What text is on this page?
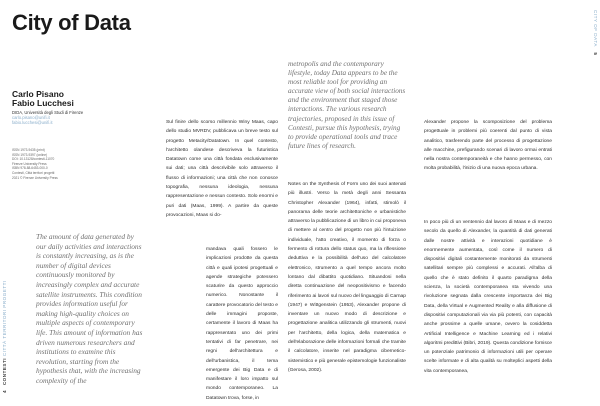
City of Data
Carlo Pisano
Fabio Lucchesi
DIDA, Università degli Studi di Firenze
carlo.pisano@unifi.it
fabio.lucchesi@unifi.it
ISSN 1973-9435 (print)
ISSN 1973-9397 (online)
DOI: 10.13128/contesti-11070
Firenze University Press
ISBN 978-88-6453-000-0
Contesti, Città territori progetti
2021 © Firenze University Press
The amount of data generated by our daily activities and interactions is constantly increasing, as is the number of digital devices continuously monitored by increasingly complex and accurate satellite instruments. This condition provides information useful for making high-quality choices on multiple aspects of contemporary life. This amount of information has driven numerous researchers and institutions to examine this revolution, starting from the hypothesis that, with the increasing complexity of the
metropolis and the contemporary lifestyle, today Data appears to be the most reliable tool for providing an accurate view of both social interactions and the environment that staged those interactions. The various research trajectories, proposed in this issue of Contesti, pursue this hypothesis, trying to provide operational tools and trace future lines of research.

Sul finire dello scorso millennio Winy Maas, capo dello studio MVRDV, pubblicava un breve testo sul progetto Metacity/Datatown. In quel contesto, l'architetto olandese descriveva la futuristica Datatown come una città fondata esclusivamente sui dati; una città descrivibile solo attraverso il flusso di informazioni; una città che non conosce topografia, nessuna ideologia, nessuna rappresentazione e nessun contesto. Solo enormi e puri dati (Maas, 1999). A partire da queste provocazioni, Maas si do-

mandava quali fossero le implicazioni prodotte da questa città e quali ipotesi progettuali e agende strategiche potessero scaturire da questo approccio numerico. Nonostante il carattere provocatorio del testo e delle immagini proposte, certamente il lavoro di Maas ha rappresentato uno dei primi tentativi di far penetrare, nei regni dell'architettura e dell'urbanistica, il tema emergente dei Big Data e di manifestare il loro impatto sul mondo contemporaneo. La Datatown trova, forse, in

Notes on the Synthesis of Form uno dei suoi antenati più illustri. Verso la metà degli anni Sessanta Christopher Alexander (1964), infatti, stimolò il panorama delle teorie architettoniche e urbanistiche attraverso la pubblicazione di un libro in cui proponeva di mettere al centro del progetto non più l'intuizione individuale, l'atto creativo, il momento di forza o fermento di rottura dello status quo, ma la riflessione deduttiva e la possibilità dell'uso del calcolatore elettronico, strumento a quel tempo ancora molto lontano dal dibattito quotidiano. Situandosi nella diretta continuazione del neopositivismo e facendo riferimento ai lavori sul nuovo del linguaggio di Carnap (1947) e Wittgenstein (1953), Alexander propone di inventare un nuovo modo di descrizione e progettazione analitica utilizzando gli strumenti, nuovi per l'architetto, della logica, della matematica e dell'elaborazione delle informazioni formali che tramite il calcolatore, inserite nel paradigma cibernetico-sistemistico e più generale epistemologie funzionaliste (Gerosa, 2002).

Alexander propone la scomposizione del problema progettuale in problemi più coerenti dal punto di vista analitico, trasferendo parte del processo di progettazione alle macchine, prefigurando scenari di lavoro ormai entrati nella nostra contemporaneità e che hanno permesso, con molta probabilità, l'inizio di una nuova epoca urbana.

In poco più di un ventennio dal lavoro di Maas e di mezzo secolo da quello di Alexander, la quantità di dati generati dalle nostre attività e interazioni quotidiane è enormemente aumentata, così come il numero di dispositivi digitali costantemente monitorati da strumenti satellitari sempre più complessi e accurati. All'alba di quello che è stato definito il quarto paradigma della scienza, la società contemporanea sta vivendo una rivoluzione segnata dalla crescente importanza dei Big Data, della Virtual e Augmented Reality e alla diffusione di dispositivi computazionali via via più potenti, con capacità anche prossime a quelle umane, ovvero la cosiddetta Artificial Intelligence e Machine Learning ed i relativi algoritmi predittivi (Bibri, 2019). Questa condizione fornisce un potenziale patrimonio di informazioni utili per operare scelte informate e di alta qualità su molteplici aspetti della vita contemporanea,

4 CONTESTI CITTÀ TERRITORI PROGETTI
CITY OF DATA 5
